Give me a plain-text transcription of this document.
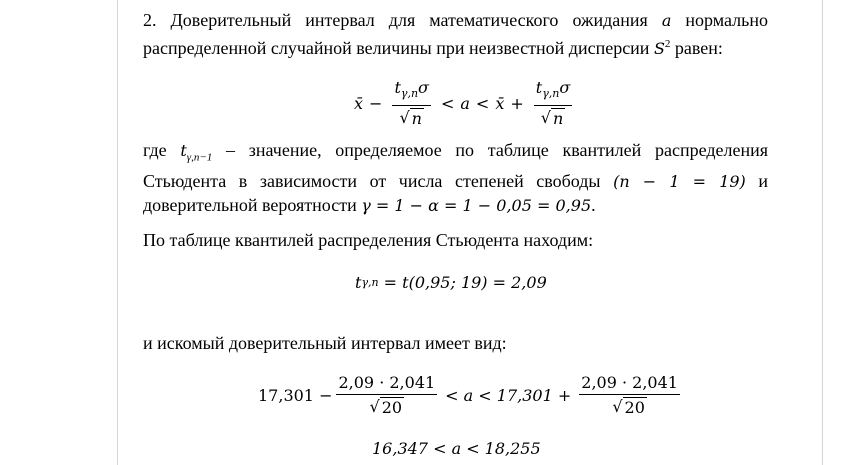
2. Доверительный интервал для математического ожидания a нормально
распределенной случайной величины при неизвестной дисперсии $S^2$ равен:
x̄ − $\frac{t_{\gamma,n}\sigma}{√ n} < a$ < x̄ + $\frac{t_{\gamma,n}\sigma}{√ n}$
где $t_{\gamma,n-1}$ – значение, определяемое по таблице квантилей распределения
Стьюдента в зависимости от числа степеней свободы (n − 1 = 19) и
доверительной вероятности γ = 1 − α = 1 − 0,05 = 0,95.
По таблице квантилей распределения Стьюдента находим:
t γ,n = t(0,95; 19) = 2,09
и искомый доверительный интервал имеет вид:
$17,301 - \frac{2,09 \cdot 2,041}{√ 20} < a < 17,301 + \frac{2,09 \cdot 2,041}{√ 20}$
16,347 < a < 18,255
